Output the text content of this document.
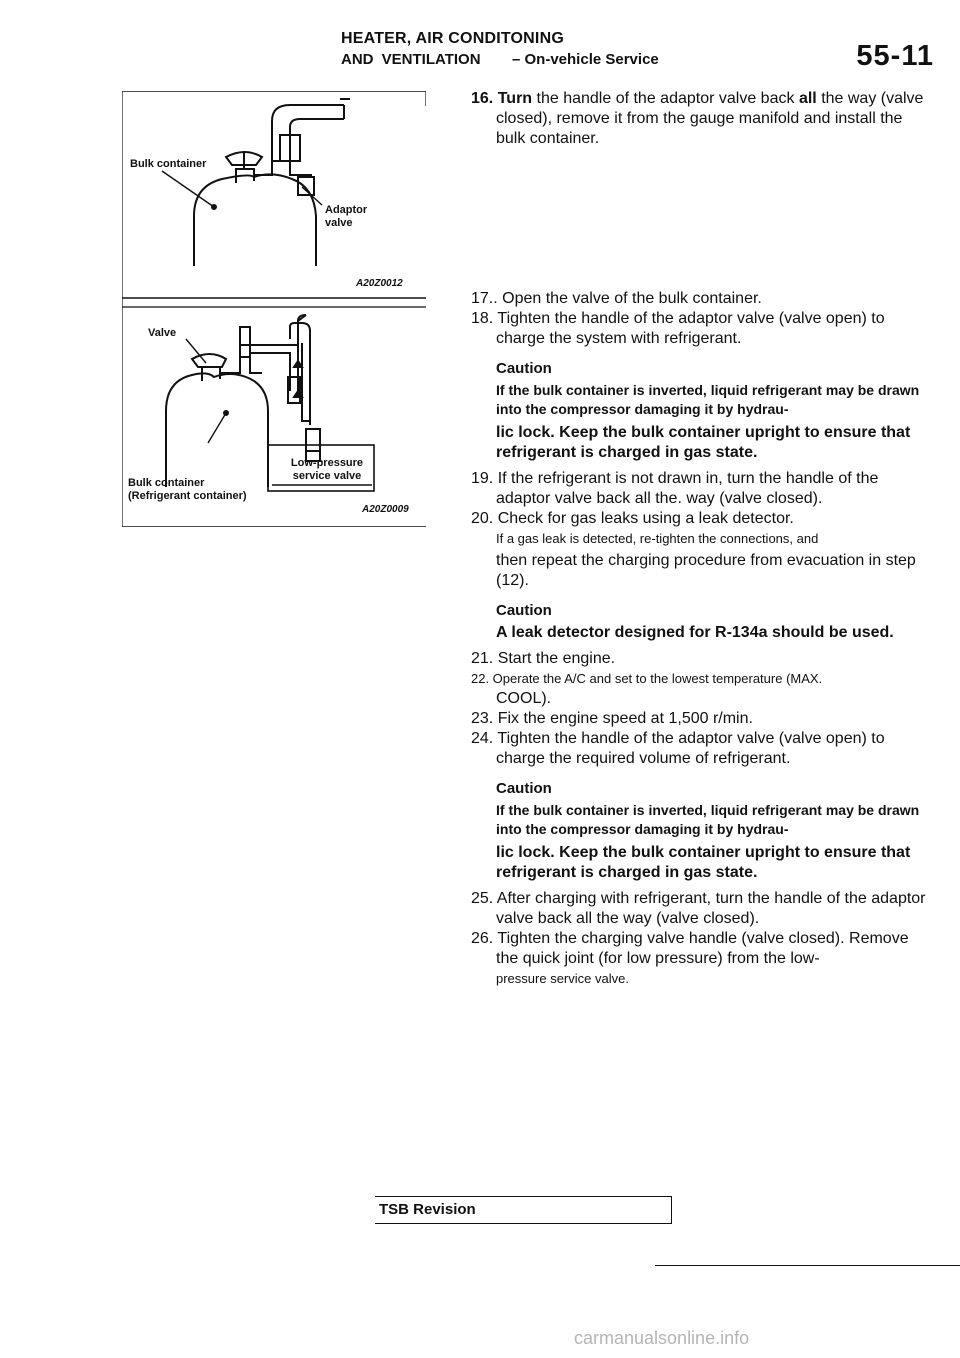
HEATER, AIR CONDITONING
AND VENTILATION – On-vehicle Service	55-11
Bulk container
Adaptor
valve
A20Z0012
Valve
Low-pressure
service valve
Bulk container
(Refrigerant container)
A20Z0009

16. Turn the handle of the adaptor valve back all the way (valve closed), remove it from the gauge manifold and install the bulk container.

17.. Open the valve of the bulk container.

18. Tighten the handle of the adaptor valve (valve open) to charge the system with refrigerant.

Caution

If the bulk container is inverted, liquid refrigerant may be drawn into the compressor damaging it by hydrau-

lic lock. Keep the bulk container upright to ensure that refrigerant is charged in gas state.

19. If the refrigerant is not drawn in, turn the handle of the adaptor valve back all the. way (valve closed).

20. Check for gas leaks using a leak detector.

If a gas leak is detected, re-tighten the connections, and

then repeat the charging procedure from evacuation in step (12).

Caution

A leak detector designed for R-134a should be used.

21. Start the engine.

22. Operate the A/C and set to the lowest temperature (MAX.

COOL).

23. Fix the engine speed at 1,500 r/min.

24. Tighten the handle of the adaptor valve (valve open) to charge the required volume of refrigerant.

Caution

If the bulk container is inverted, liquid refrigerant may be drawn into the compressor damaging it by hydrau-

lic lock. Keep the bulk container upright to ensure that refrigerant is charged in gas state.

25. After charging with refrigerant, turn the handle of the adaptor valve back all the way (valve closed).

26. Tighten the charging valve handle (valve closed). Remove the quick joint (for low pressure) from the low-

pressure service valve.

TSB Revision
carmanualsonline.info
